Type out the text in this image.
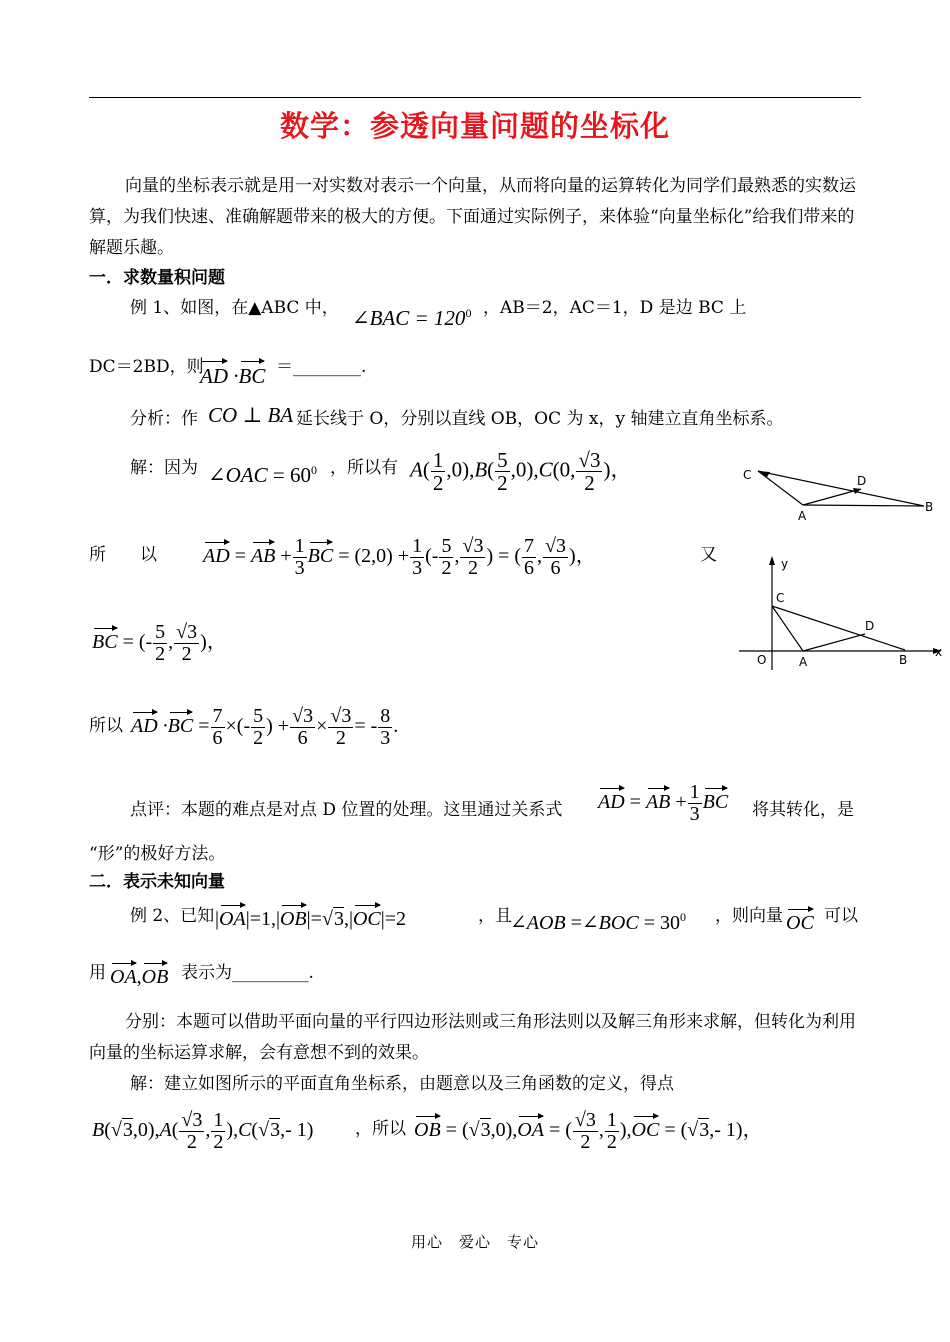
数学：参透向量问题的坐标化
向量的坐标表示就是用一对实数对表示一个向量，从而将向量的运算转化为同学们最熟悉的实数运算，为我们快速、准确解题带来的极大的方便。下面通过实际例子，来体验“向量坐标化”给我们带来的解题乐趣。
一．求数量积问题
例 1、如图，在▲ABC 中， ∠BAC = $120^0$ ，AB＝2，AC＝1，D 是边 BC 上
DC＝2BD，则
AD ·BC ＝________.
分析：作 CO ⊥ BA 延长线于 O，分别以直线 OB，OC 为 x，y 轴建立直角坐标系。
解：因为 ∠OAC = $60^0$ ，所以有 $A( \frac{1}{2} ,0),B( \frac{5}{2} ,0),C(0$, $\frac{√3}{2}$ )，
所　　以 AD = AB + $\frac{1}{3}$ BC = $(2,0) + \frac{1}{3}$ (- $\frac{5}{2}$ , $\frac{√3}{2}$ ) = ( $\frac{7}{6}$ , $\frac{√3}{6}$ )，	又
BC = (- $\frac{5}{2}$ , $\frac{√3}{2}$ )，
所以 AD $\cdot BC = \frac{7}{6}$ ×(- $\frac{5}{2}$ ) + $\frac{√3}{6} \times \frac{√3}{2}$ = - $\frac{8}{3}$ .
点评：本题的难点是对点 D 位置的处理。这里通过关系式 AD = AB + $\frac{1}{3}$ BC 将其转化，是
“形”的极好方法。
二．表示未知向量
例 2、已知 |OA|=1,|OB|=√3,|OC|=2	，且
∠AOB =∠BOC = $30^0$ ，则向量 OC 可以
用 OA,OB 表示为_________.
分别：本题可以借助平面向量的平行四边形法则或三角形法则以及解三角形来求解，但转化为利用向量的坐标运算求解，会有意想不到的效果。
解：建立如图所示的平面直角坐标系，由题意以及三角函数的定义，得点
$B(√3,0),A( \frac{√3}{2}$ , $\frac{1}{2} ),C(√3,-$ 1) ，所以 OB = (√3,0),OA = ( $\frac{√3}{2}$ , $\frac{1}{2} ),OC = (√3,-$ 1)，
C	D
A
B
y
C
D
x
O	A	B
用心　爱心　专心
